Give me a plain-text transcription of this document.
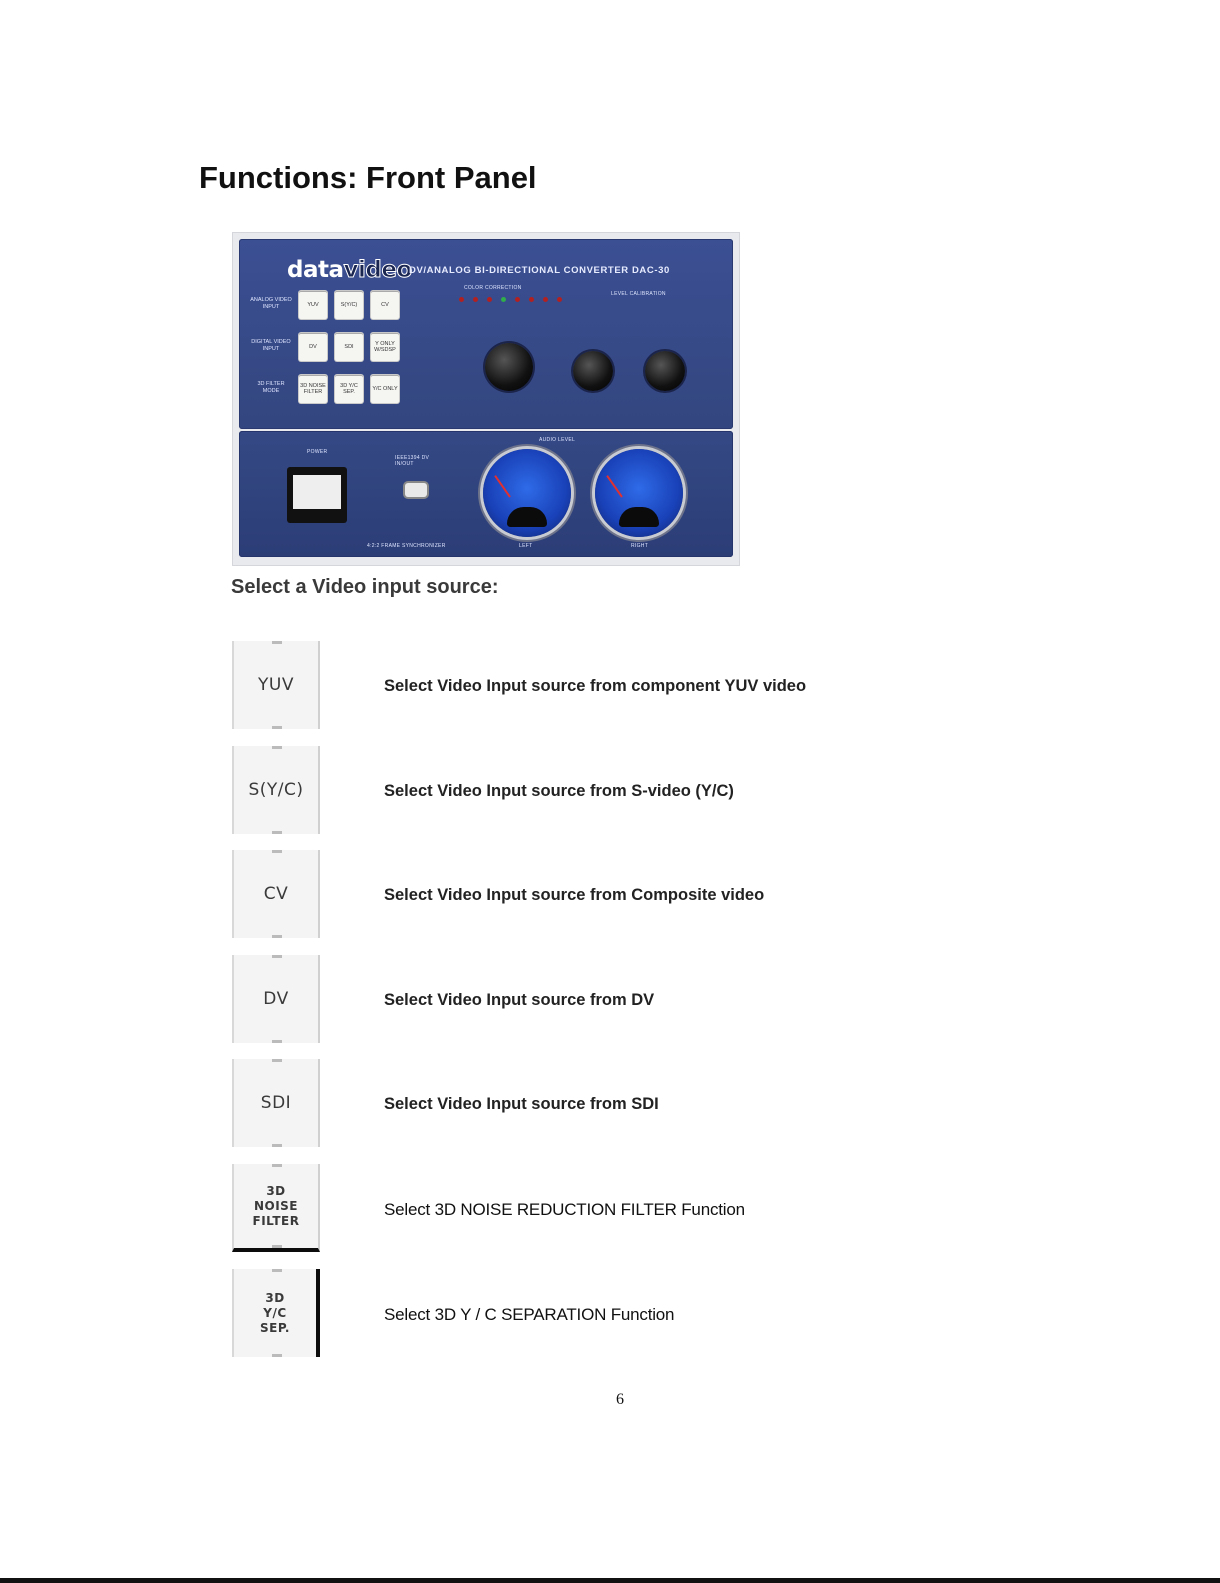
Functions: Front Panel
datavideo
DV/ANALOG BI-DIRECTIONAL CONVERTER DAC-30
ANALOG VIDEO INPUT
DIGITAL VIDEO INPUT
3D FILTER MODE
YUV	S(Y/C)	CV
DV	SDI	Y ONLY W/SDSP
3D NOISE FILTER
3D Y/C SEP.	Y/C ONLY
COLOR CORRECTION
LEVEL CALIBRATION
POWER
IEEE1394 DV IN/OUT
AUDIO LEVEL
LEFT	RIGHT
4:2:2 FRAME SYNCHRONIZER
Select a Video input source:
YUV	Select Video Input source from component YUV video
S(Y/C)	Select Video Input source from S-video (Y/C)
CV	Select Video Input source from Composite video
DV	Select Video Input source from DV
SDI	Select Video Input source from SDI
3D
NOISE
FILTER
Select 3D NOISE REDUCTION FILTER Function
3D
Y/C
SEP.
Select 3D Y / C SEPARATION Function
6
